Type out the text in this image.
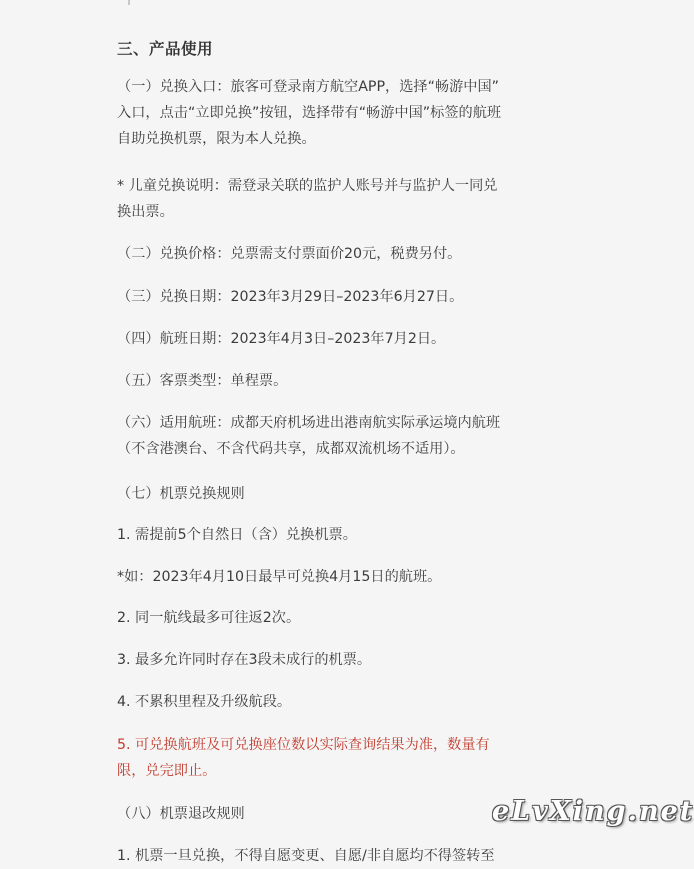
三、产品使用
（一）兑换入口：旅客可登录南方航空APP，选择“畅游中国”
入口，点击“立即兑换”按钮，选择带有“畅游中国”标签的航班
自助兑换机票，限为本人兑换。
* 儿童兑换说明：需登录关联的监护人账号并与监护人一同兑
换出票。
（二）兑换价格：兑票需支付票面价20元，税费另付。
（三）兑换日期：2023年3月29日–2023年6月27日。
（四）航班日期：2023年4月3日–2023年7月2日。
（五）客票类型：单程票。
（六）适用航班：成都天府机场进出港南航实际承运境内航班
（不含港澳台、不含代码共享，成都双流机场不适用）。
（七）机票兑换规则
1. 需提前5个自然日（含）兑换机票。
*如：2023年4月10日最早可兑换4月15日的航班。
2. 同一航线最多可往返2次。
3. 最多允许同时存在3段未成行的机票。
4. 不累积里程及升级航段。
5. 可兑换航班及可兑换座位数以实际查询结果为准，数量有
限，兑完即止。
（八）机票退改规则
1. 机票一旦兑换，不得自愿变更、自愿/非自愿均不得签转至
eLvXing.net
